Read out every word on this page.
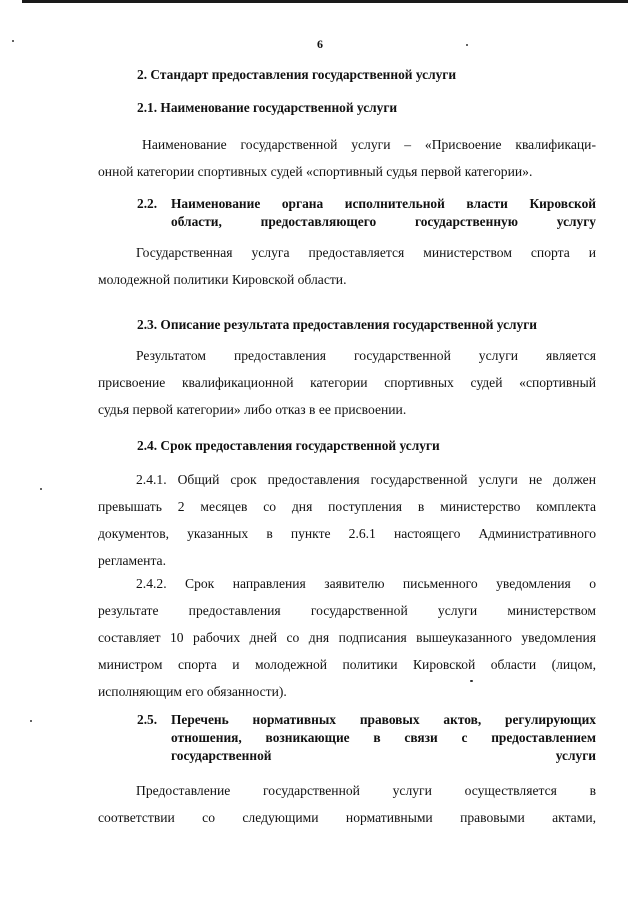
6
2. Стандарт предоставления государственной услуги
2.1. Наименование государственной услуги
Наименование государственной услуги – «Присвоение квалификаци-
онной категории спортивных судей «спортивный судья первой категории».
2.2. Наименование органа исполнительной власти Кировской
области, предоставляющего государственную услугу
Государственная услуга предоставляется министерством спорта и
молодежной политики Кировской области.
2.3. Описание результата предоставления государственной услуги
Результатом предоставления государственной услуги является
присвоение квалификационной категории спортивных судей «спортивный
судья первой категории» либо отказ в ее присвоении.
2.4. Срок предоставления государственной услуги
2.4.1. Общий срок предоставления государственной услуги не должен
превышать 2 месяцев со дня поступления в министерство комплекта
документов, указанных в пункте 2.6.1 настоящего Административного
регламента.
2.4.2. Срок направления заявителю письменного уведомления о
результате предоставления государственной услуги министерством
составляет 10 рабочих дней со дня подписания вышеуказанного уведомления
министром спорта и молодежной политики Кировской области (лицом,
исполняющим его обязанности).
2.5. Перечень нормативных правовых актов, регулирующих
отношения, возникающие в связи с предоставлением
государственной услуги
Предоставление государственной услуги осуществляется в
соответствии со следующими нормативными правовыми актами,
